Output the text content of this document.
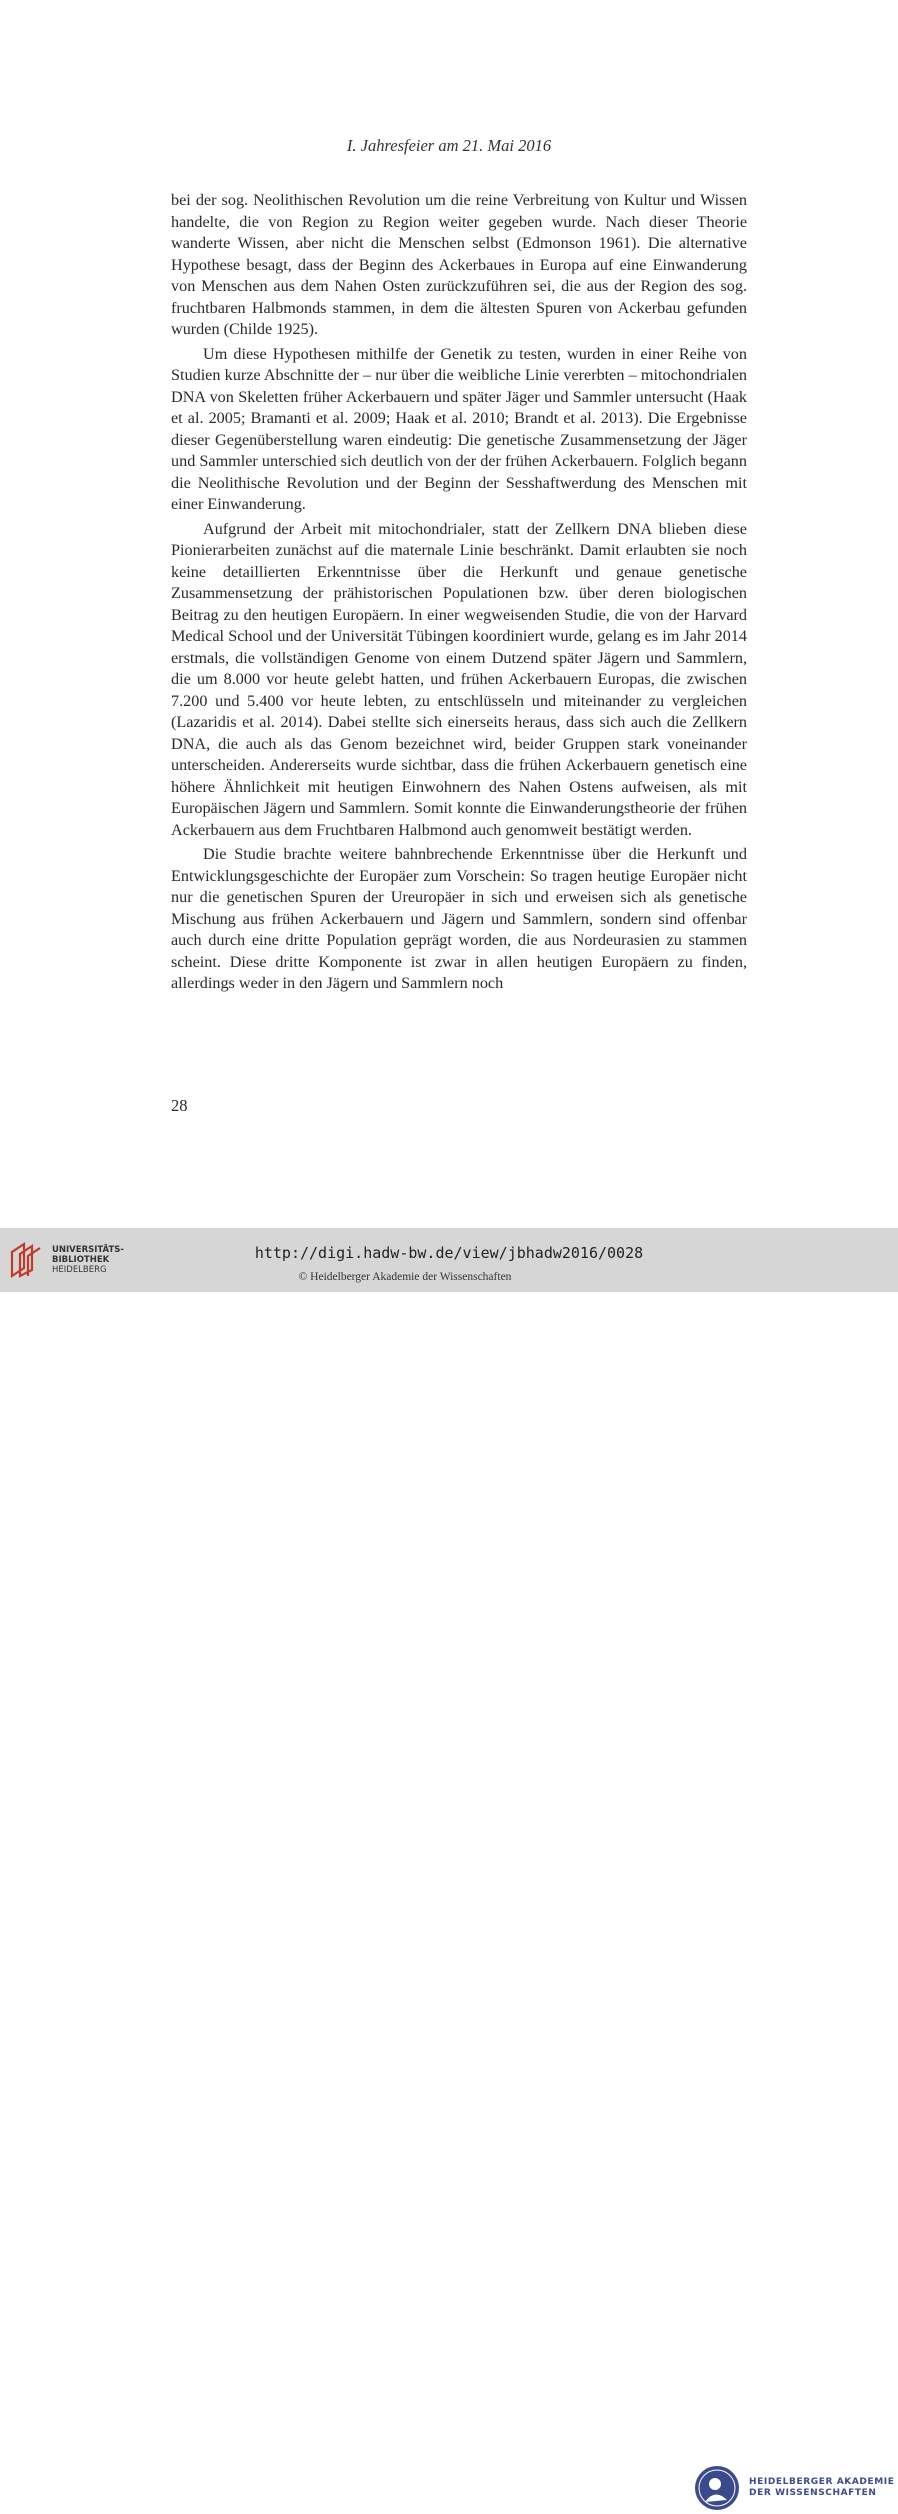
I. Jahresfeier am 21. Mai 2016

bei der sog. Neolithischen Revolution um die reine Verbreitung von Kultur und Wissen handelte, die von Region zu Region weiter gegeben wurde. Nach dieser Theorie wanderte Wissen, aber nicht die Menschen selbst (Edmonson 1961). Die alternative Hypothese besagt, dass der Beginn des Ackerbaues in Europa auf eine Einwanderung von Menschen aus dem Nahen Osten zurückzuführen sei, die aus der Region des sog. fruchtbaren Halbmonds stammen, in dem die ältesten Spuren von Ackerbau gefunden wurden (Childe 1925).

Um diese Hypothesen mithilfe der Genetik zu testen, wurden in einer Reihe von Studien kurze Abschnitte der – nur über die weibliche Linie vererbten – mitochondrialen DNA von Skeletten früher Ackerbauern und später Jäger und Sammler untersucht (Haak et al. 2005; Bramanti et al. 2009; Haak et al. 2010; Brandt et al. 2013). Die Ergebnisse dieser Gegenüberstellung waren eindeutig: Die genetische Zusammensetzung der Jäger und Sammler unterschied sich deutlich von der der frühen Ackerbauern. Folglich begann die Neolithische Revolution und der Beginn der Sesshaftwerdung des Menschen mit einer Einwanderung.

Aufgrund der Arbeit mit mitochondrialer, statt der Zellkern DNA blieben diese Pionierarbeiten zunächst auf die maternale Linie beschränkt. Damit erlaubten sie noch keine detaillierten Erkenntnisse über die Herkunft und genaue genetische Zusammensetzung der prähistorischen Populationen bzw. über deren biologischen Beitrag zu den heutigen Europäern. In einer wegweisenden Studie, die von der Harvard Medical School und der Universität Tübingen koordiniert wurde, gelang es im Jahr 2014 erstmals, die vollständigen Genome von einem Dutzend später Jägern und Sammlern, die um 8.000 vor heute gelebt hatten, und frühen Ackerbauern Europas, die zwischen 7.200 und 5.400 vor heute lebten, zu entschlüsseln und miteinander zu vergleichen (Lazaridis et al. 2014). Dabei stellte sich einerseits heraus, dass sich auch die Zellkern DNA, die auch als das Genom bezeichnet wird, beider Gruppen stark voneinander unterscheiden. Andererseits wurde sichtbar, dass die frühen Ackerbauern genetisch eine höhere Ähnlichkeit mit heutigen Einwohnern des Nahen Ostens aufweisen, als mit Europäischen Jägern und Sammlern. Somit konnte die Einwanderungstheorie der frühen Ackerbauern aus dem Fruchtbaren Halbmond auch genomweit bestätigt werden.

Die Studie brachte weitere bahnbrechende Erkenntnisse über die Herkunft und Entwicklungsgeschichte der Europäer zum Vorschein: So tragen heutige Europäer nicht nur die genetischen Spuren der Ureuropäer in sich und erweisen sich als genetische Mischung aus frühen Ackerbauern und Jägern und Sammlern, sondern sind offenbar auch durch eine dritte Population geprägt worden, die aus Nordeurasien zu stammen scheint. Diese dritte Komponente ist zwar in allen heutigen Europäern zu finden, allerdings weder in den Jägern und Sammlern noch

28
UNIVERSITÄTS-
BIBLIOTHEK
HEIDELBERG
HEIDELBERGER AKADEMIE
DER WISSENSCHAFTEN
http://digi.hadw-bw.de/view/jbhadw2016/0028
© Heidelberger Akademie der Wissenschaften
